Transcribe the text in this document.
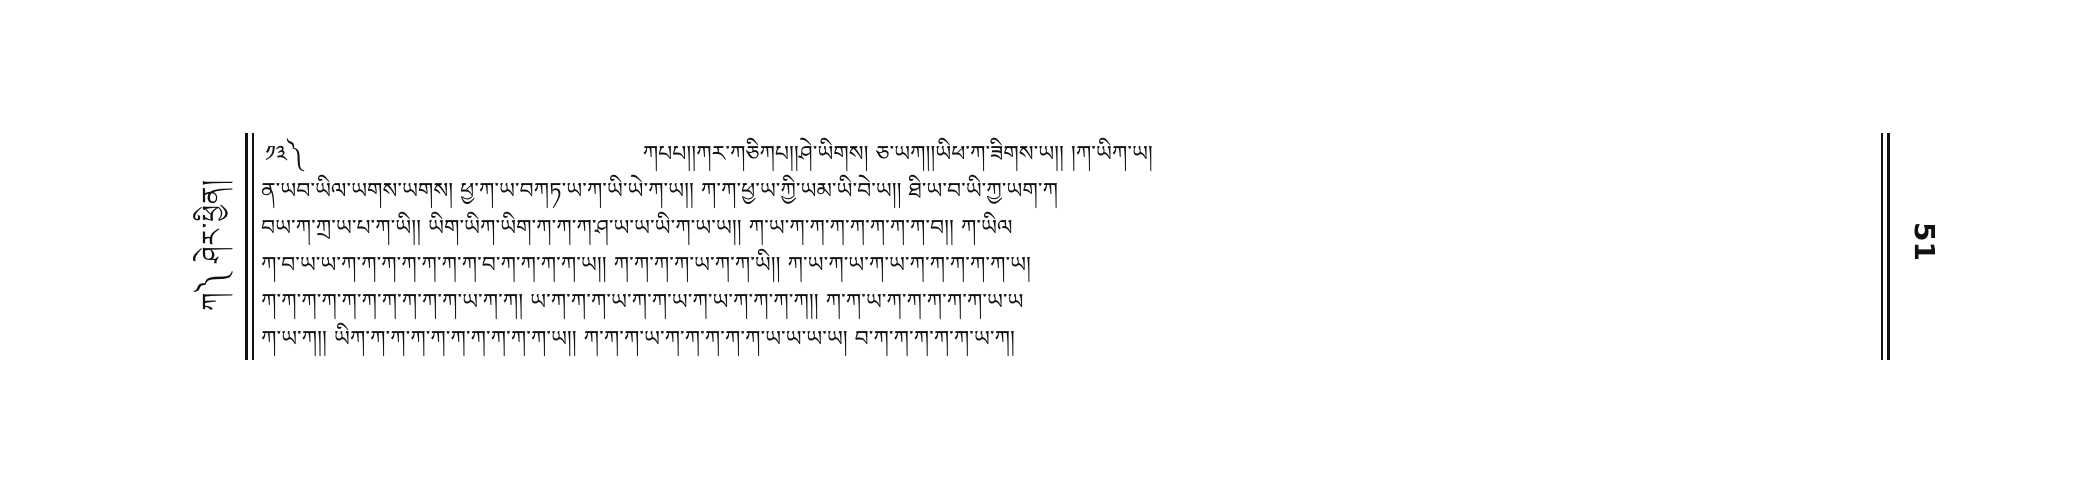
ཀ༽ ཤེར་ཕྱིན།
༡༣༽	ཀཔཔ།།ཀར་ཀཅིཀཔ།།ཤེ་ཡིགས། ཅ་ཡཀ།།ཡིཕ་ཀ་ཟིགས་ཡ།། །ཀ་ཡིཀ་ཡ།
ན་ཡབ་ཡིལ་ཡགས་ཡགས། ཕྱ་ཀ་ཡ་བཀཏ་ཡ་ཀ་ཡི་ཡེ་ཀ་ཡ།། ཀ་ཀ་ཕྱ་ཡ་ཀྱི་ཡམ་ཡི་བེ་ཡ།། ཐི་ཡ་བ་ཡི་ཀྱ་ཡག་ཀ
བཡ་ཀ་ཀྲ་ཡ་པ་ཀ་ཡི།། ཡིག་ཡིཀ་ཡིག་ཀ་ཀ་ཀ་ཤ་ཡ་ཡ་ཡི་ཀ་ཡ་ཡ།། ཀ་ཡ་ཀ་ཀ་ཀ་ཀ་ཀ་ཀ་ཀ་བ།། ཀ་ཡིལ
ཀ་བ་ཡ་ཡ་ཀ་ཀ་ཀ་ཀ་ཀ་ཀ་ཀ་བ་ཀ་ཀ་ཀ་ཀ་ཡ།། ཀ་ཀ་ཀ་ཀ་ཡ་ཀ་ཀ་ཡི།། ཀ་ཡ་ཀ་ཡ་ཀ་ཡ་ཀ་ཀ་ཀ་ཀ་ཀ་ཡ།
ཀ་ཀ་ཀ་ཀ་ཀ་ཀ་ཀ་ཀ་ཀ་ཀ་ཡ་ཀ་ཀ། ཡ་ཀ་ཀ་ཀ་ཡ་ཀ་ཀ་ཡ་ཀ་ཡ་ཀ་ཀ་ཀ་ཀ།། ཀ་ཀ་ཡ་ཀ་ཀ་ཀ་ཀ་ཀ་ཡ་ཡ
ཀ་ཡ་ཀ།། ཡིཀ་ཀ་ཀ་ཀ་ཀ་ཀ་ཀ་ཀ་ཀ་ཀ་ཡ།། ཀ་ཀ་ཀ་ཡ་ཀ་ཀ་ཀ་ཀ་ཀ་ཡ་ཡ་ཡ་ཡ། བ་ཀ་ཀ་ཀ་ཀ་ཀ་ཡ་ཀ།
51
